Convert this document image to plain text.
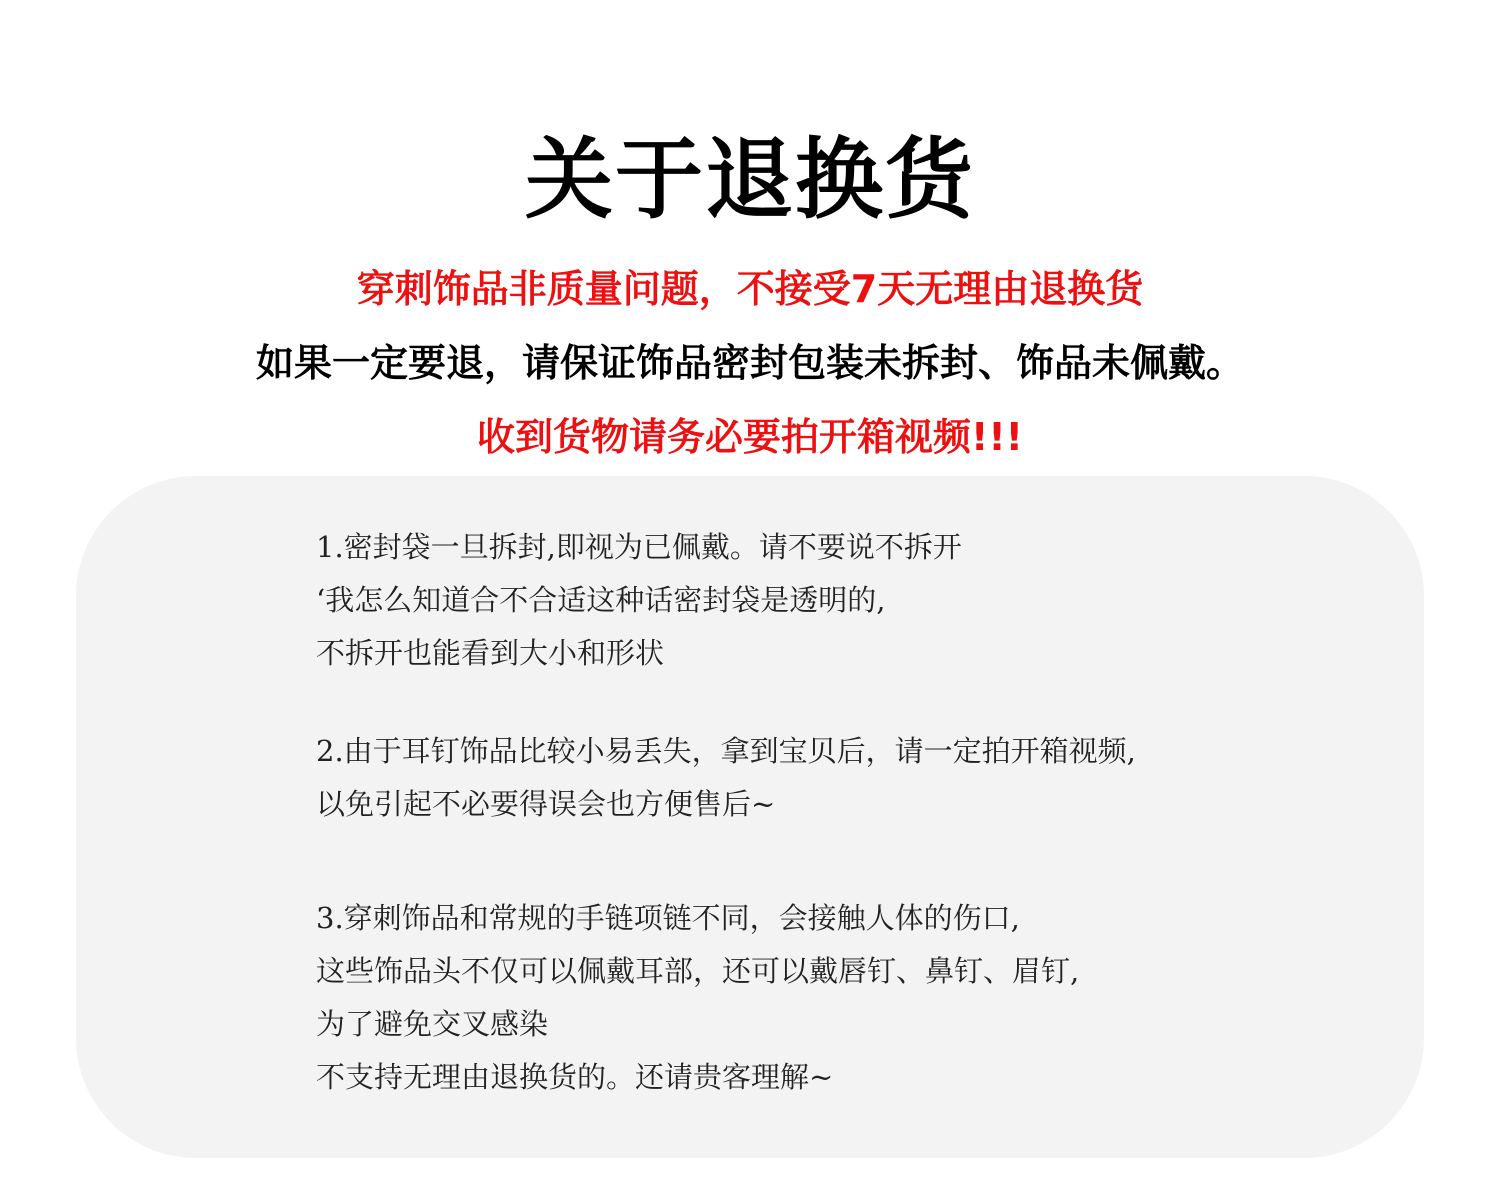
关于退换货
穿刺饰品非质量问题，不接受7天无理由退换货
如果一定要退，请保证饰品密封包装未拆封、饰品未佩戴。
收到货物请务必要拍开箱视频!!!
1.密封袋一旦拆封,即视为已佩戴。请不要说不拆开
‘我怎么知道合不合适这种话密封袋是透明的,
不拆开也能看到大小和形状
2.由于耳钉饰品比较小易丢失，拿到宝贝后，请一定拍开箱视频,
以免引起不必要得误会也方便售后~
3.穿刺饰品和常规的手链项链不同，会接触人体的伤口,
这些饰品头不仅可以佩戴耳部，还可以戴唇钉、鼻钉、眉钉,
为了避免交叉感染
不支持无理由退换货的。还请贵客理解~
